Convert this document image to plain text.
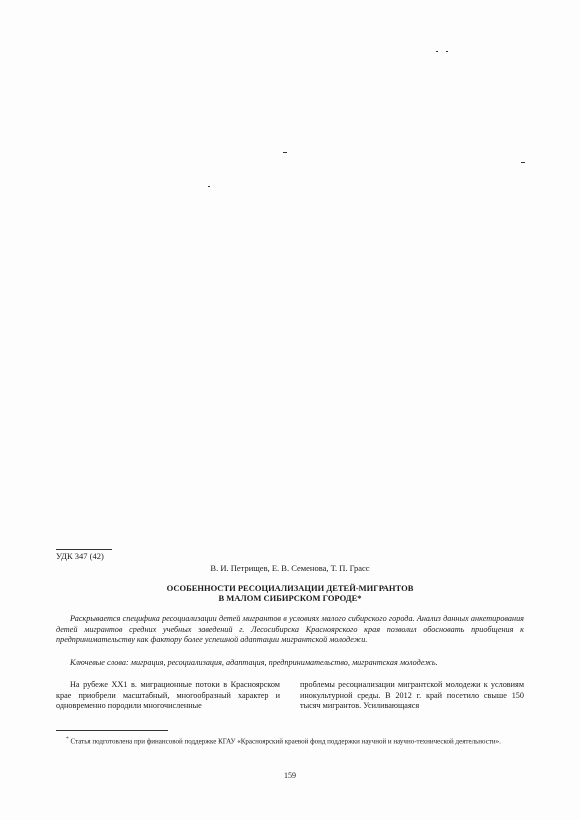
УДК 347 (42)
В. И. Петрищев, Е. В. Семенова, Т. П. Грасс
ОСОБЕННОСТИ РЕСОЦИАЛИЗАЦИИ ДЕТЕЙ-МИГРАНТОВ
В МАЛОМ СИБИРСКОМ ГОРОДЕ*
Раскрывается специфика ресоциализации детей мигрантов в условиях малого сибирского города. Анализ данных анкетирования детей мигрантов средних учебных заведений г. Лесосибирска Красноярского края позволил обосновать приобщения к предпринимательству как фактору более успешной адаптации мигрантской молодежи.
Ключевые слова: миграция, ресоциализация, адаптация, предпринимательство, мигрантская молодежь.
На рубеже XX1 в. миграционные потоки в Красноярском крае приобрели масштабный, многообразный характер и одновременно породили многочисленные
проблемы ресоциализации мигрантской молодежи к условиям инокультурной среды. В 2012 г. край посетило свыше 150 тысяч мигрантов. Усиливающаяся
* Статья подготовлена при финансовой поддержке КГАУ «Красноярский краевой фонд поддержки научной и научно-технической деятельности».
159
